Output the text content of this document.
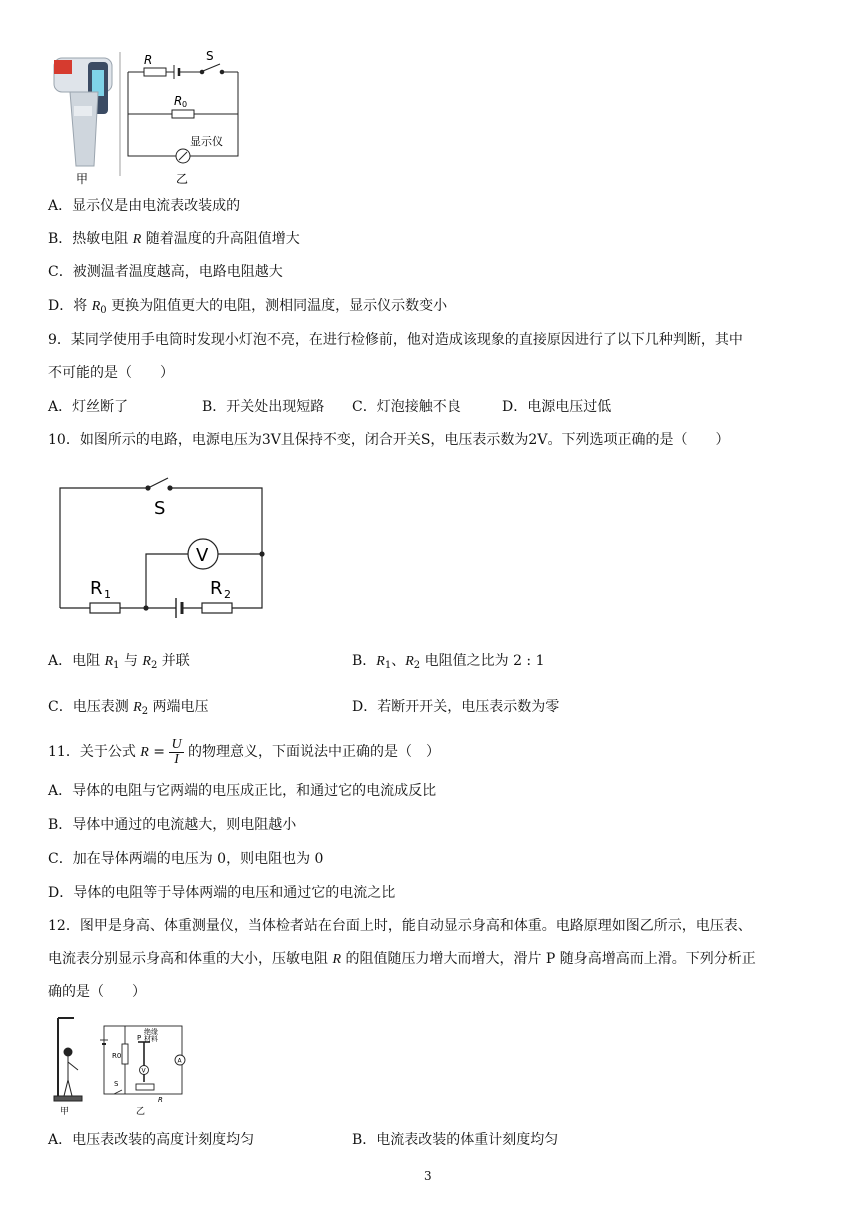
甲
R	S
R 0
显示仪
乙
A．显示仪是由电流表改装成的
B．热敏电阻 R 随着温度的升高阻值增大
C．被测温者温度越高，电路电阻越大
D．将 $R_0$ 更换为阻值更大的电阻，测相同温度，显示仪示数变小
9．某同学使用手电筒时发现小灯泡不亮，在进行检修前，他对造成该现象的直接原因进行了以下几种判断，其中
不可能的是（　　）
A．灯丝断了	B．开关处出现短路 C．灯泡接触不良	D．电源电压过低
10．如图所示的电路，电源电压为3V且保持不变，闭合开关S，电压表示数为2V。下列选项正确的是（　　）
S
V
R 1	R 2
A．电阻 $R_1$ 与 $R_2$ 并联	B．$R_1$、$R_2$ 电阻值之比为 2 : 1
C．电压表测 $R_2$ 两端电压	D．若断开开关，电压表示数为零
11．关于公式 $R = \frac{U}{I}$ 的物理意义，下面说法中正确的是（　）
A．导体的电阻与它两端的电压成正比，和通过它的电流成反比
B．导体中通过的电流越大，则电阻越小
C．加在导体两端的电压为 0，则电阻也为 0
D．导体的电阻等于导体两端的电压和通过它的电流之比
12．图甲是身高、体重测量仪，当体检者站在台面上时，能自动显示身高和体重。电路原理如图乙所示，电压表、
电流表分别显示身高和体重的大小，压敏电阻 R 的阻值随压力增大而增大，滑片 P 随身高增高而上滑。下列分析正
确的是（　　）
甲
R0
绝缘
P 材料
V
A
S
R
乙
A．电压表改装的高度计刻度均匀	B．电流表改装的体重计刻度均匀
3
